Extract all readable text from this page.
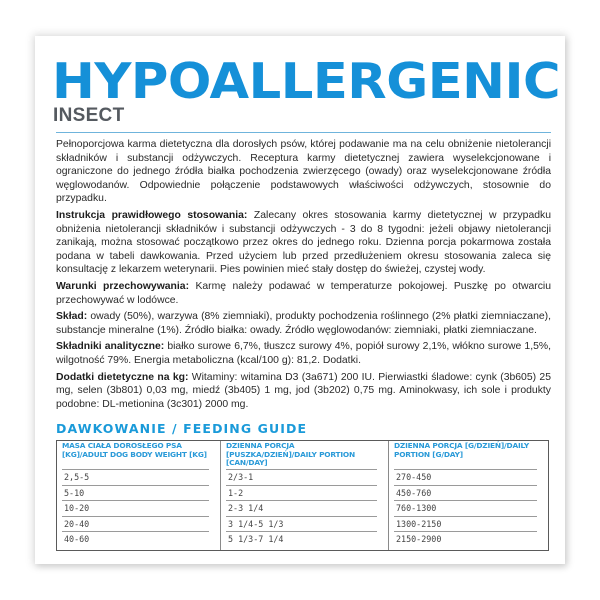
HYPOALLERGENIC
INSECT

Pełnoporcjowa karma dietetyczna dla dorosłych psów, której podawanie ma na celu obniżenie nietolerancji składników i substancji odżywczych. Receptura karmy dietetycznej zawiera wyselekcjonowane i ograniczone do jednego źródła białka pochodzenia zwierzęcego (owady) oraz wyselekcjonowane źródła węglowodanów. Odpowiednie połączenie podstawowych właściwości odżywczych, stosownie do przypadku.

Instrukcja prawidłowego stosowania: Zalecany okres stosowania karmy dietetycznej w przypadku obniżenia nietolerancji składników i substancji odżywczych - 3 do 8 tygodni: jeżeli objawy nietolerancji zanikają, można stosować początkowo przez okres do jednego roku. Dzienna porcja pokarmowa została podana w tabeli dawkowania. Przed użyciem lub przed przedłużeniem okresu stosowania zaleca się konsultację z lekarzem weterynarii. Pies powinien mieć stały dostęp do świeżej, czystej wody.

Warunki przechowywania: Karmę należy podawać w temperaturze pokojowej. Puszkę po otwarciu przechowywać w lodówce.

Skład: owady (50%), warzywa (8% ziemniaki), produkty pochodzenia roślinnego (2% płatki ziemniaczane), substancje mineralne (1%). Źródło białka: owady. Źródło węglowodanów: ziemniaki, płatki ziemniaczane.

Składniki analityczne: białko surowe 6,7%, tłuszcz surowy 4%, popiół surowy 2,1%, włókno surowe 1,5%, wilgotność 79%. Energia metaboliczna (kcal/100 g): 81,2. Dodatki.

Dodatki dietetyczne na kg: Witaminy: witamina D3 (3a671) 200 IU. Pierwiastki śladowe: cynk (3b605) 25 mg, selen (3b801) 0,03 mg, miedź (3b405) 1 mg, jod (3b202) 0,75 mg. Aminokwasy, ich sole i produkty podobne: DL-metionina (3c301) 2000 mg.

DAWKOWANIE / FEEDING GUIDE
MASA CIAŁA DOROSŁEGO PSA [KG]/ADULT DOG BODY WEIGHT [KG]
2,5-5
5-10
10-20
20-40
40-60
DZIENNA PORCJA [PUSZKA/DZIEŃ]/DAILY PORTION [CAN/DAY]
2/3-1
1-2
2-3 1/4
3 1/4-5 1/3
5 1/3-7 1/4
DZIENNA PORCJA [G/DZIEŃ]/DAILY PORTION [G/DAY]
270-450
450-760
760-1300
1300-2150
2150-2900
